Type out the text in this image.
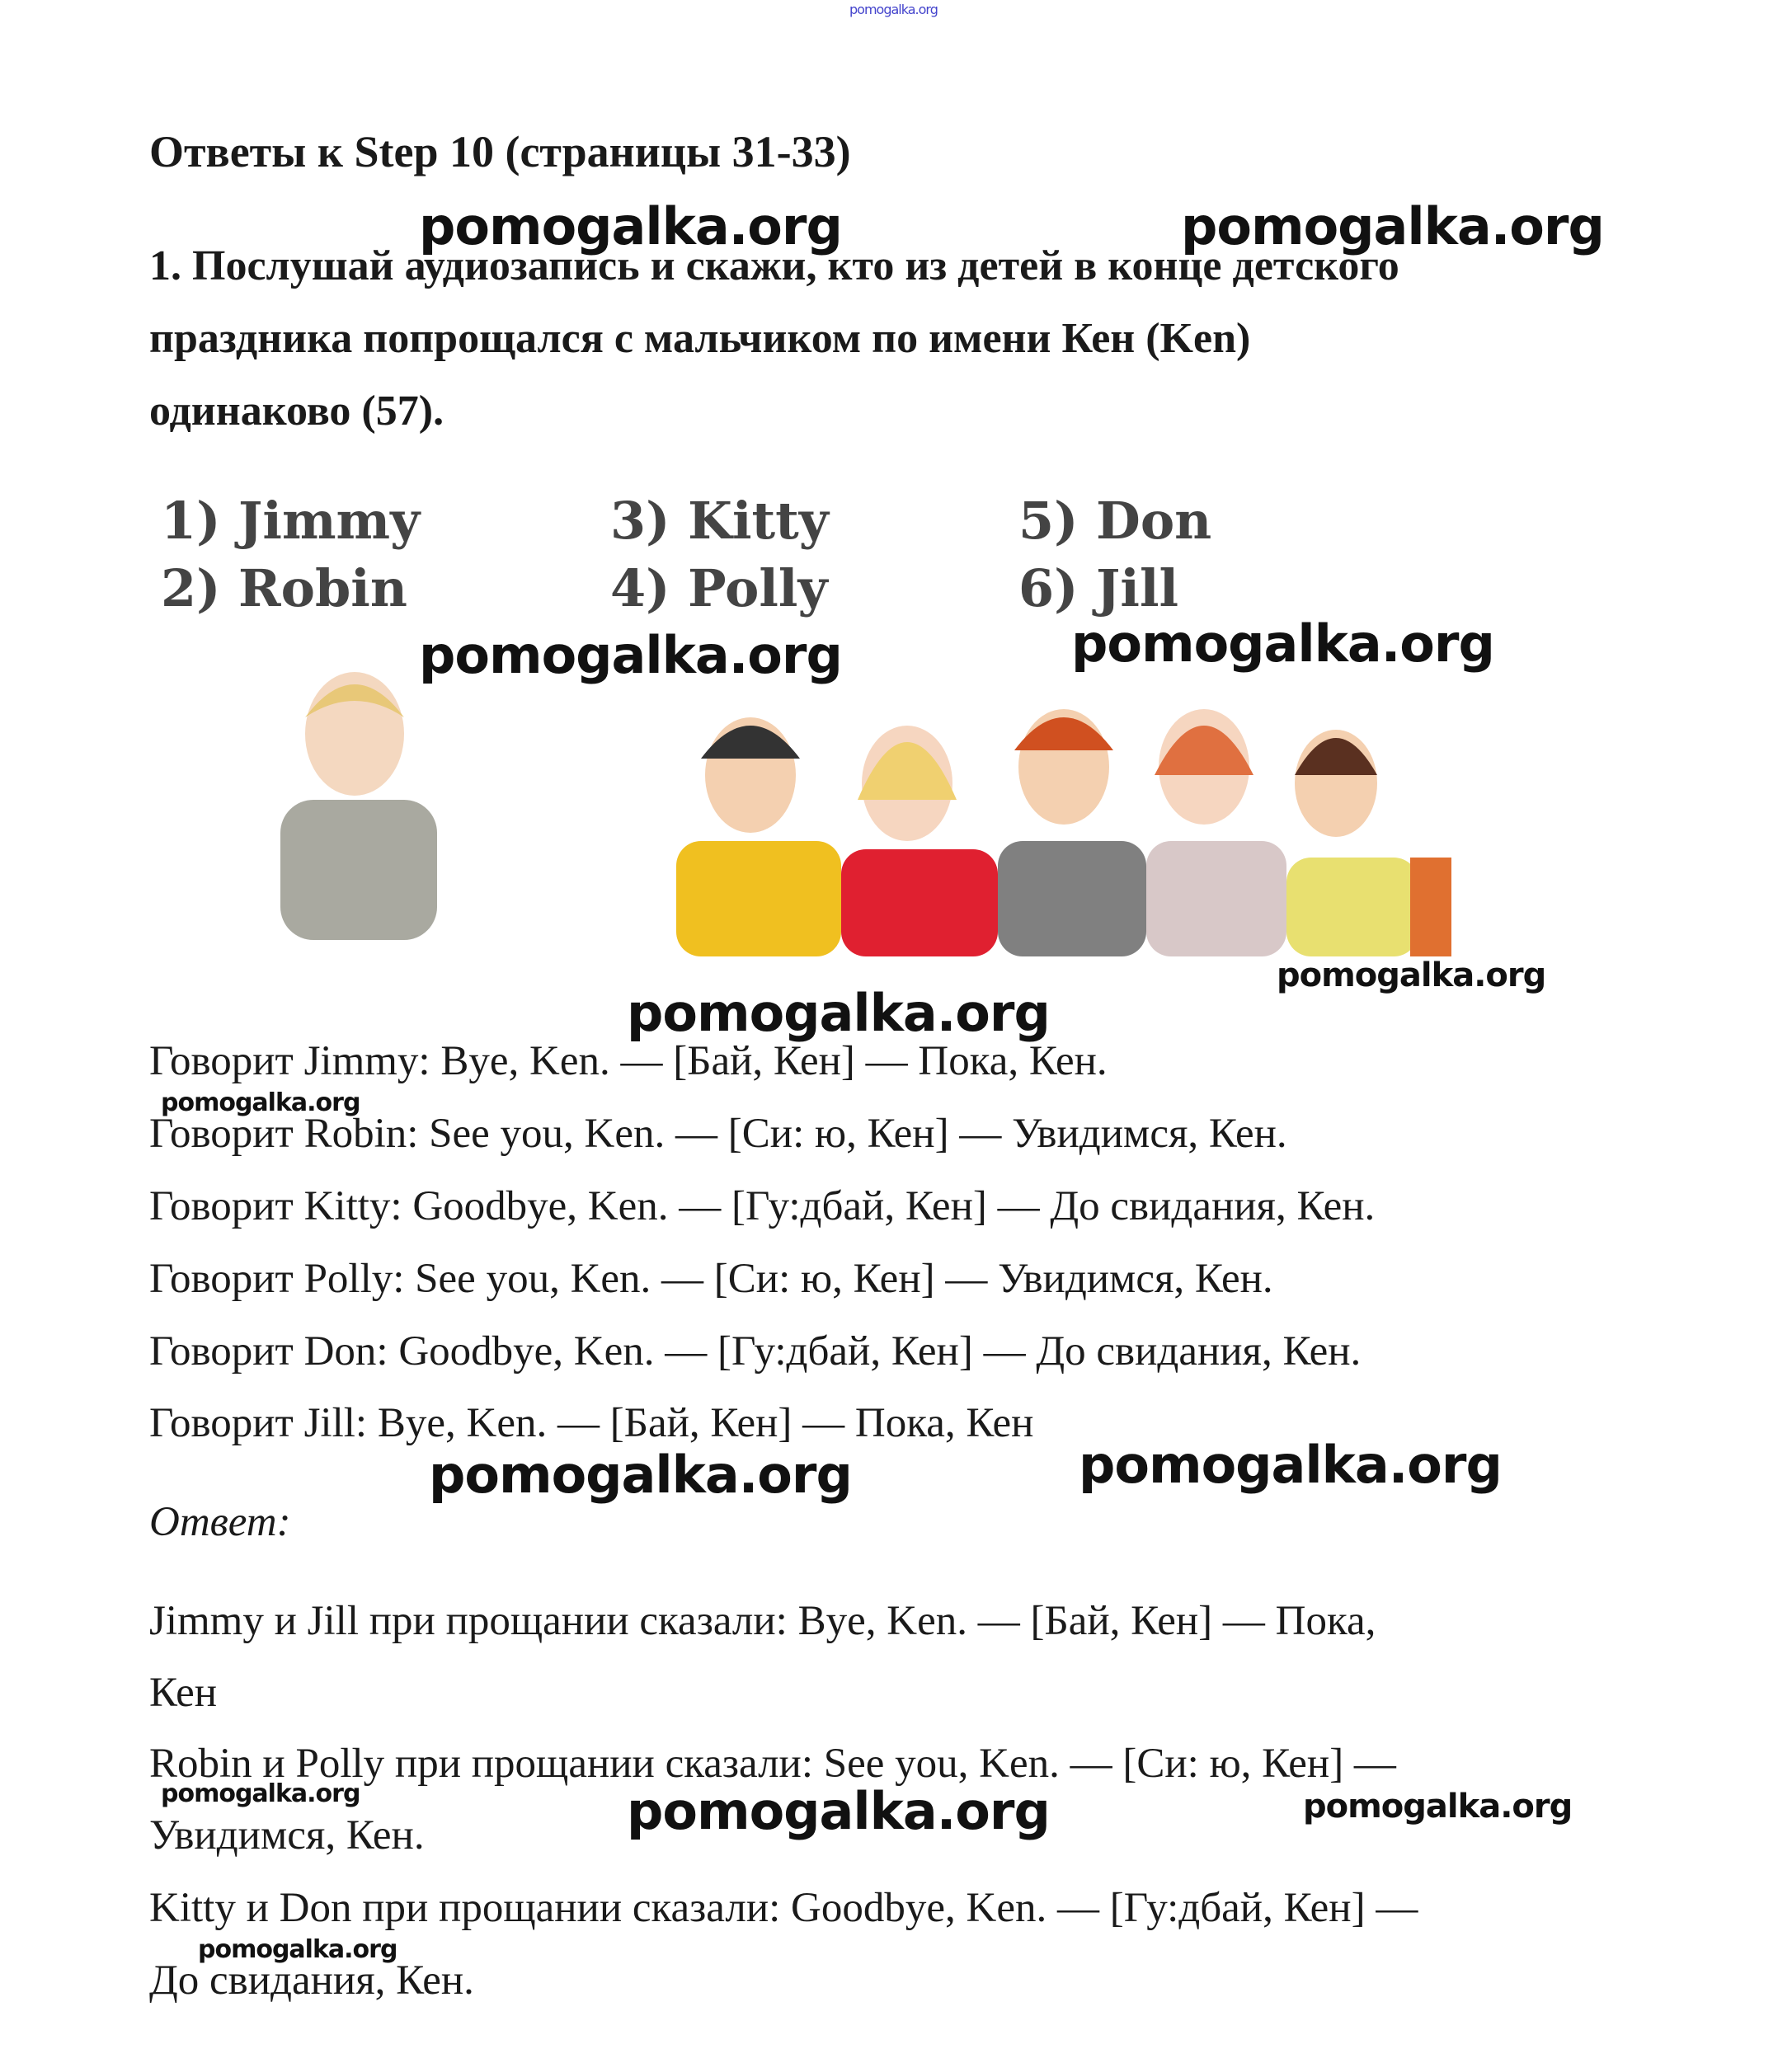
pomogalka.org
Ответы к Step 10 (страницы 31-33)
1. Послушай аудиозапись и скажи, кто из детей в конце детского
праздника попрощался с мальчиком по имени Кен (Ken)
одинаково (57).
1) Jimmy
2) Robin
3) Kitty
4) Polly
5) Don
6) Jill
Говорит Jimmy: Bye, Ken. — [Бай, Кен] — Пока, Кен.
Говорит Robin: See you, Ken. — [Си: ю, Кен] — Увидимся, Кен.
Говорит Kitty: Goodbye, Ken. — [Гу:дбай, Кен] — До свидания, Кен.
Говорит Polly: See you, Ken. — [Си: ю, Кен] — Увидимся, Кен.
Говорит Don: Goodbye, Ken. — [Гу:дбай, Кен] — До свидания, Кен.
Говорит Jill: Bye, Ken. — [Бай, Кен] — Пока, Кен
Ответ:
Jimmy и Jill при прощании сказали: Bye, Ken. — [Бай, Кен] — Пока,
Кен
Robin и Polly при прощании сказали: See you, Ken. — [Си: ю, Кен] —
Увидимся, Кен.
Kitty и Don при прощании сказали: Goodbye, Ken. — [Гу:дбай, Кен] —
До свидания, Кен.
pomogalka.org	pomogalka.org
pomogalka.org	pomogalka.org
pomogalka.org
pomogalka.org
pomogalka.org
pomogalka.org	pomogalka.org
pomogalka.org	pomogalka.org	pomogalka.org
pomogalka.org
